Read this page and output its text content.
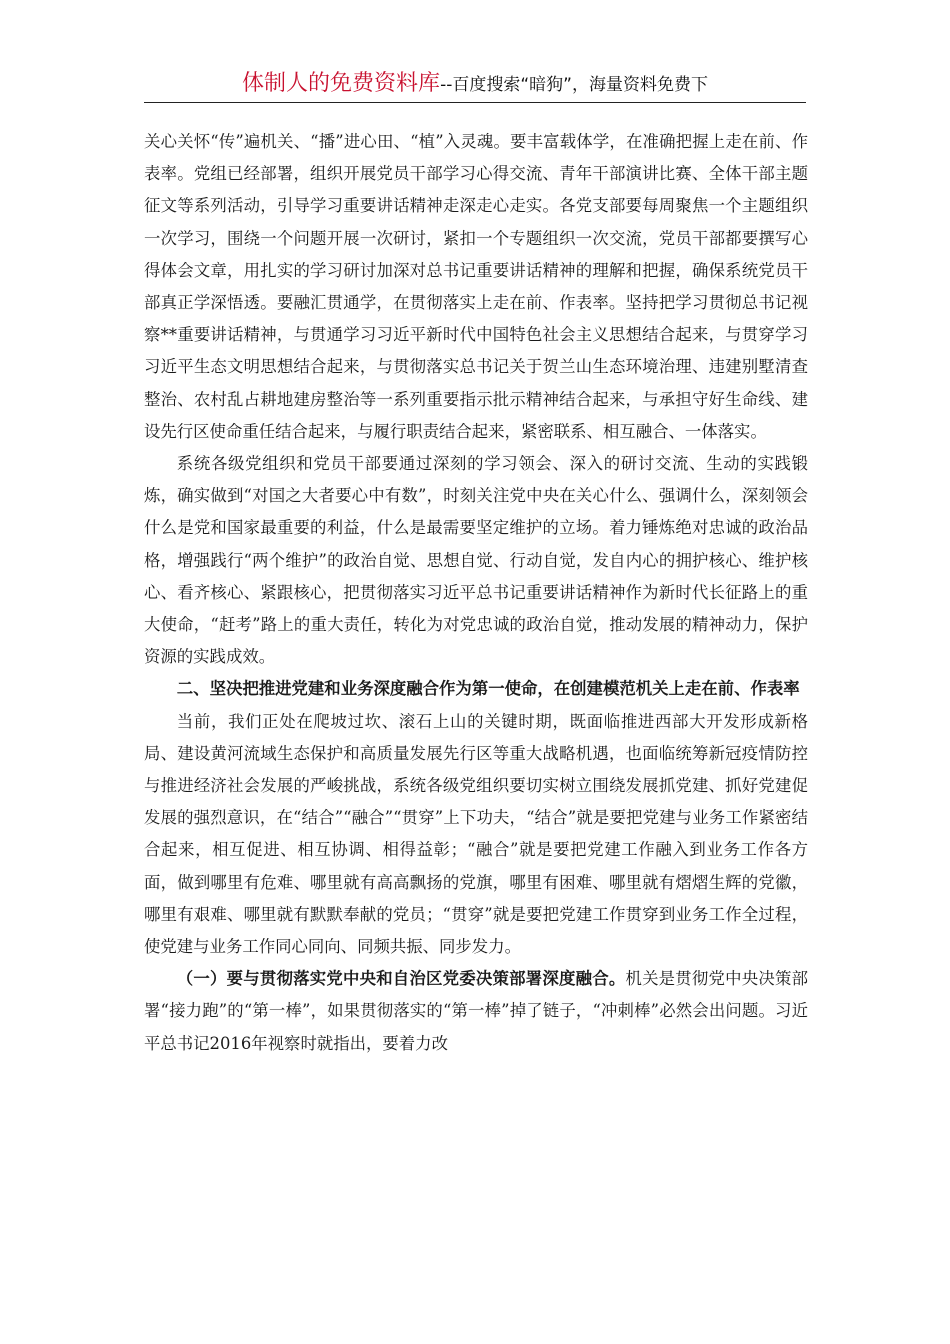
体制人的免费资料库--百度搜索“暗狗”，海量资料免费下

关心关怀“传”遍机关、“播”进心田、“植”入灵魂。要丰富载体学，在准确把握上走在前、作表率。党组已经部署，组织开展党员干部学习心得交流、青年干部演讲比赛、全体干部主题征文等系列活动，引导学习重要讲话精神走深走心走实。各党支部要每周聚焦一个主题组织一次学习，围绕一个问题开展一次研讨，紧扣一个专题组织一次交流，党员干部都要撰写心得体会文章，用扎实的学习研讨加深对总书记重要讲话精神的理解和把握，确保系统党员干部真正学深悟透。要融汇贯通学，在贯彻落实上走在前、作表率。坚持把学习贯彻总书记视察**重要讲话精神，与贯通学习习近平新时代中国特色社会主义思想结合起来，与贯穿学习习近平生态文明思想结合起来，与贯彻落实总书记关于贺兰山生态环境治理、违建别墅清查整治、农村乱占耕地建房整治等一系列重要指示批示精神结合起来，与承担守好生命线、建设先行区使命重任结合起来，与履行职责结合起来，紧密联系、相互融合、一体落实。

系统各级党组织和党员干部要通过深刻的学习领会、深入的研讨交流、生动的实践锻炼，确实做到“对国之大者要心中有数”，时刻关注党中央在关心什么、强调什么，深刻领会什么是党和国家最重要的利益，什么是最需要坚定维护的立场。着力锤炼绝对忠诚的政治品格，增强践行“两个维护”的政治自觉、思想自觉、行动自觉，发自内心的拥护核心、维护核心、看齐核心、紧跟核心，把贯彻落实习近平总书记重要讲话精神作为新时代长征路上的重大使命，“赶考”路上的重大责任，转化为对党忠诚的政治自觉，推动发展的精神动力，保护资源的实践成效。

二、坚决把推进党建和业务深度融合作为第一使命，在创建模范机关上走在前、作表率

当前，我们正处在爬坡过坎、滚石上山的关键时期，既面临推进西部大开发形成新格局、建设黄河流域生态保护和高质量发展先行区等重大战略机遇，也面临统筹新冠疫情防控与推进经济社会发展的严峻挑战，系统各级党组织要切实树立围绕发展抓党建、抓好党建促发展的强烈意识，在“结合”“融合”“贯穿”上下功夫，“结合”就是要把党建与业务工作紧密结合起来，相互促进、相互协调、相得益彰；“融合”就是要把党建工作融入到业务工作各方面，做到哪里有危难、哪里就有高高飘扬的党旗，哪里有困难、哪里就有熠熠生辉的党徽，哪里有艰难、哪里就有默默奉献的党员；“贯穿”就是要把党建工作贯穿到业务工作全过程，使党建与业务工作同心同向、同频共振、同步发力。

（一）要与贯彻落实党中央和自治区党委决策部署深度融合。机关是贯彻党中央决策部署“接力跑”的“第一棒”，如果贯彻落实的“第一棒”掉了链子，“冲刺棒”必然会出问题。习近平总书记2016年视察时就指出，要着力改
